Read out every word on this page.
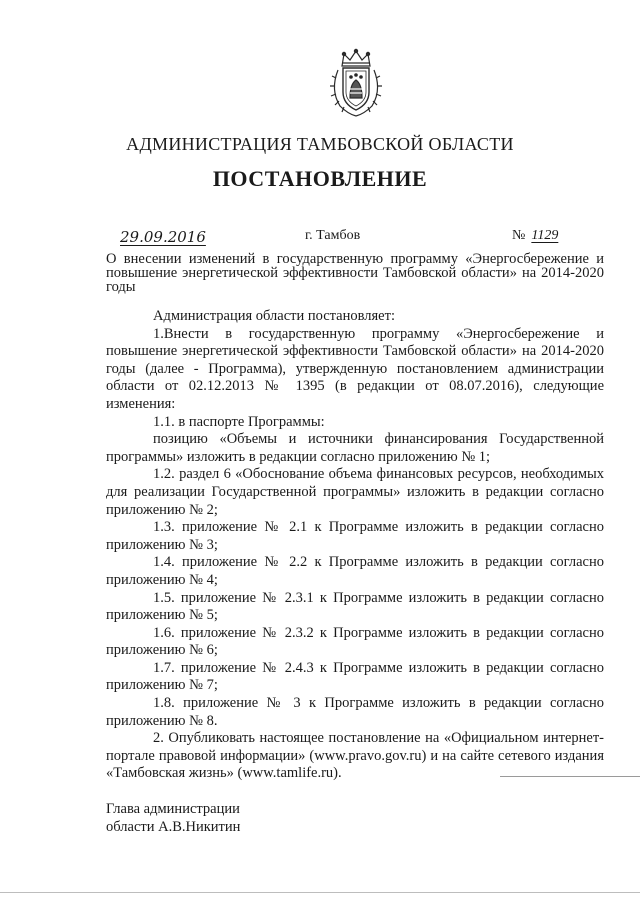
АДМИНИСТРАЦИЯ ТАМБОВСКОЙ ОБЛАСТИ
ПОСТАНОВЛЕНИЕ
29.09.2016	г. Тамбов	№ 1129
О внесении изменений в государственную программу «Энергосбережение и повышение энергетической эффективности Тамбовской области» на 2014-2020 годы

Администрация области постановляет:

1.Внести в государственную программу «Энергосбережение и повышение энергетической эффективности Тамбовской области» на 2014-2020 годы (далее - Программа), утвержденную постановлением администрации области от 02.12.2013 № 1395 (в редакции от 08.07.2016), следующие изменения:

1.1. в паспорте Программы:

позицию «Объемы и источники финансирования Государственной программы» изложить в редакции согласно приложению № 1;

1.2. раздел 6 «Обоснование объема финансовых ресурсов, необходимых для реализации Государственной программы» изложить в редакции согласно приложению № 2;

1.3. приложение № 2.1 к Программе изложить в редакции согласно приложению № 3;

1.4. приложение № 2.2 к Программе изложить в редакции согласно приложению № 4;

1.5. приложение № 2.3.1 к Программе изложить в редакции согласно приложению № 5;

1.6. приложение № 2.3.2 к Программе изложить в редакции согласно приложению № 6;

1.7. приложение № 2.4.3 к Программе изложить в редакции согласно приложению № 7;

1.8. приложение № 3 к Программе изложить в редакции согласно приложению № 8.

2. Опубликовать настоящее постановление на «Официальном интернет- портале правовой информации» (www.pravo.gov.ru) и на сайте сетевого издания «Тамбовская жизнь» (www.tamlife.ru).

Глава администрации
области А.В.Никитин
